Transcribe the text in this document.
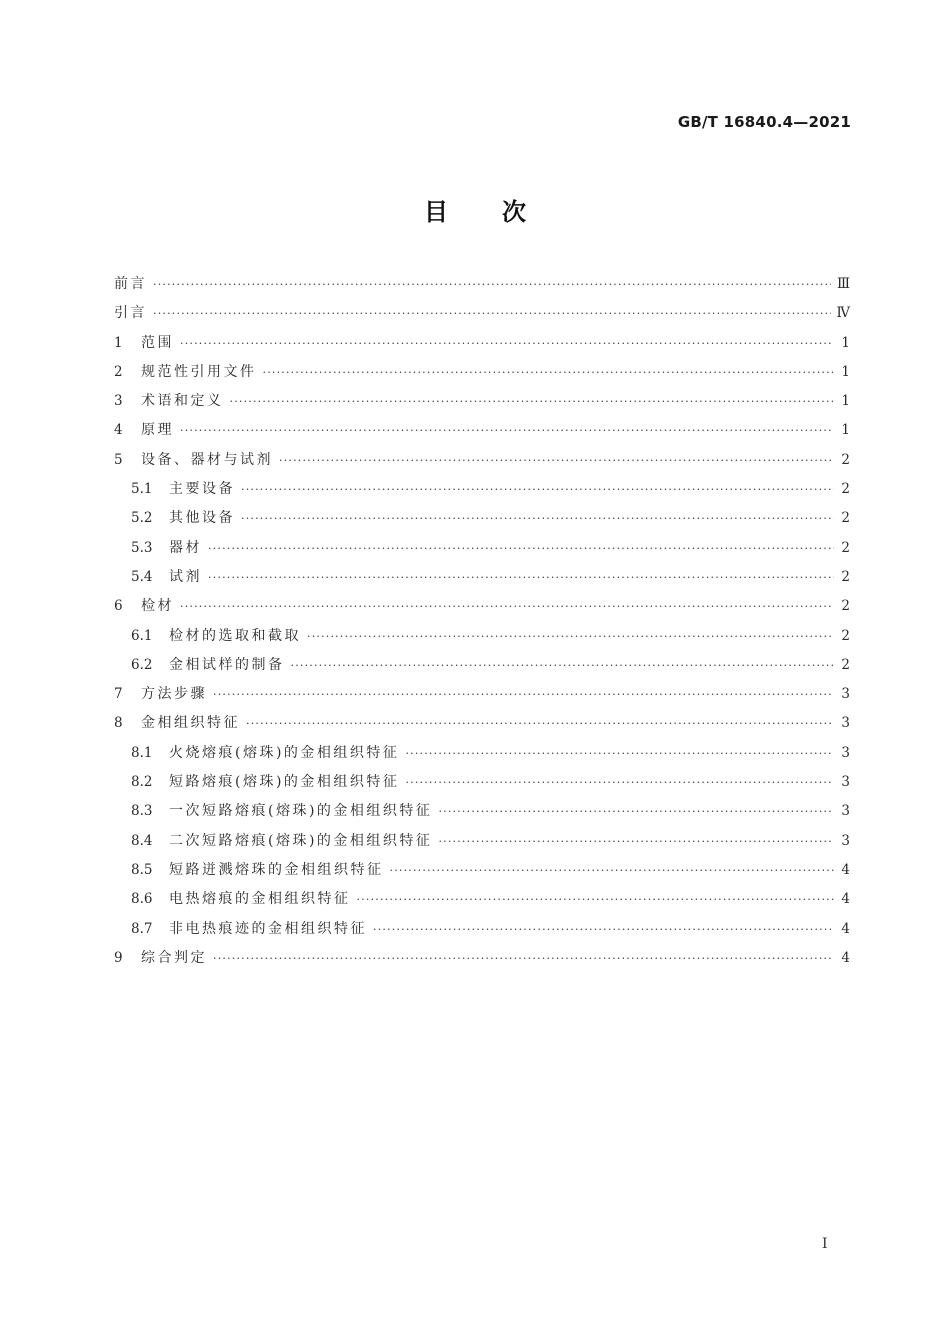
GB/T 16840.4—2021
目次
前言 ·····	Ⅲ
引言 ·····	Ⅳ
1	范围 ·····	1
2	规范性引用文件 ·····	1
3	术语和定义 ·····	1
4	原理 ·····	1
5	设备、器材与试剂 ·····	2
5.1	主要设备 ·····	2
5.2	其他设备 ·····	2
5.3	器材 ·····	2
5.4	试剂 ·····	2
6	检材 ·····	2
6.1	检材的选取和截取 ·····	2
6.2	金相试样的制备 ·····	2
7	方法步骤 ·····	3
8	金相组织特征 ·····	3
8.1	火烧熔痕(熔珠)的金相组织特征 ·····	3
8.2	短路熔痕(熔珠)的金相组织特征 ·····	3
8.3	一次短路熔痕(熔珠)的金相组织特征 ·····	3
8.4	二次短路熔痕(熔珠)的金相组织特征 ·····	3
8.5	短路迸溅熔珠的金相组织特征 ·····	4
8.6	电热熔痕的金相组织特征 ·····	4
8.7	非电热痕迹的金相组织特征 ·····	4
9	综合判定 ·····	4
I
